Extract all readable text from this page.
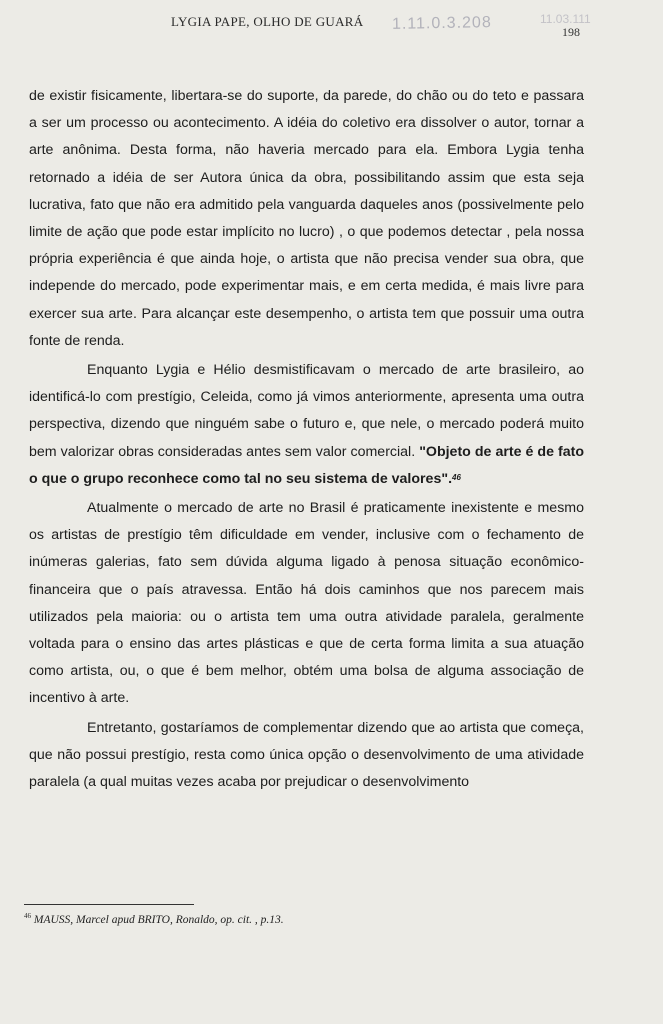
LYGIA PAPE, OLHO DE GUARÁ 1.11.0.3.208	11.03.111
198

de existir fisicamente, libertara-se do suporte, da parede, do chão ou do teto e passara a ser um processo ou acontecimento. A idéia do coletivo era dissolver o autor, tornar a arte anônima. Desta forma, não haveria mercado para ela. Embora Lygia tenha retornado a idéia de ser Autora única da obra, possibilitando assim que esta seja lucrativa, fato que não era admitido pela vanguarda daqueles anos (possivelmente pelo limite de ação que pode estar implícito no lucro) , o que podemos detectar , pela nossa própria experiência é que ainda hoje, o artista que não precisa vender sua obra, que independe do mercado, pode experimentar mais, e em certa medida, é mais livre para exercer sua arte. Para alcançar este desempenho, o artista tem que possuir uma outra fonte de renda.

Enquanto Lygia e Hélio desmistificavam o mercado de arte brasileiro, ao identificá-lo com prestígio, Celeida, como já vimos anteriormente, apresenta uma outra perspectiva, dizendo que ninguém sabe o futuro e, que nele, o mercado poderá muito bem valorizar obras consideradas antes sem valor comercial. "Objeto de arte é de fato o que o grupo reconhece como tal no seu sistema de valores".$^{46}$

Atualmente o mercado de arte no Brasil é praticamente inexistente e mesmo os artistas de prestígio têm dificuldade em vender, inclusive com o fechamento de inúmeras galerias, fato sem dúvida alguma ligado à penosa situação econômico-financeira que o país atravessa. Então há dois caminhos que nos parecem mais utilizados pela maioria: ou o artista tem uma outra atividade paralela, geralmente voltada para o ensino das artes plásticas e que de certa forma limita a sua atuação como artista, ou, o que é bem melhor, obtém uma bolsa de alguma associação de incentivo à arte.

Entretanto, gostaríamos de complementar dizendo que ao artista que começa, que não possui prestígio, resta como única opção o desenvolvimento de uma atividade paralela (a qual muitas vezes acaba por prejudicar o desenvolvimento

$^{46}$ MAUSS, Marcel apud BRITO, Ronaldo, op. cit. , p.13.
